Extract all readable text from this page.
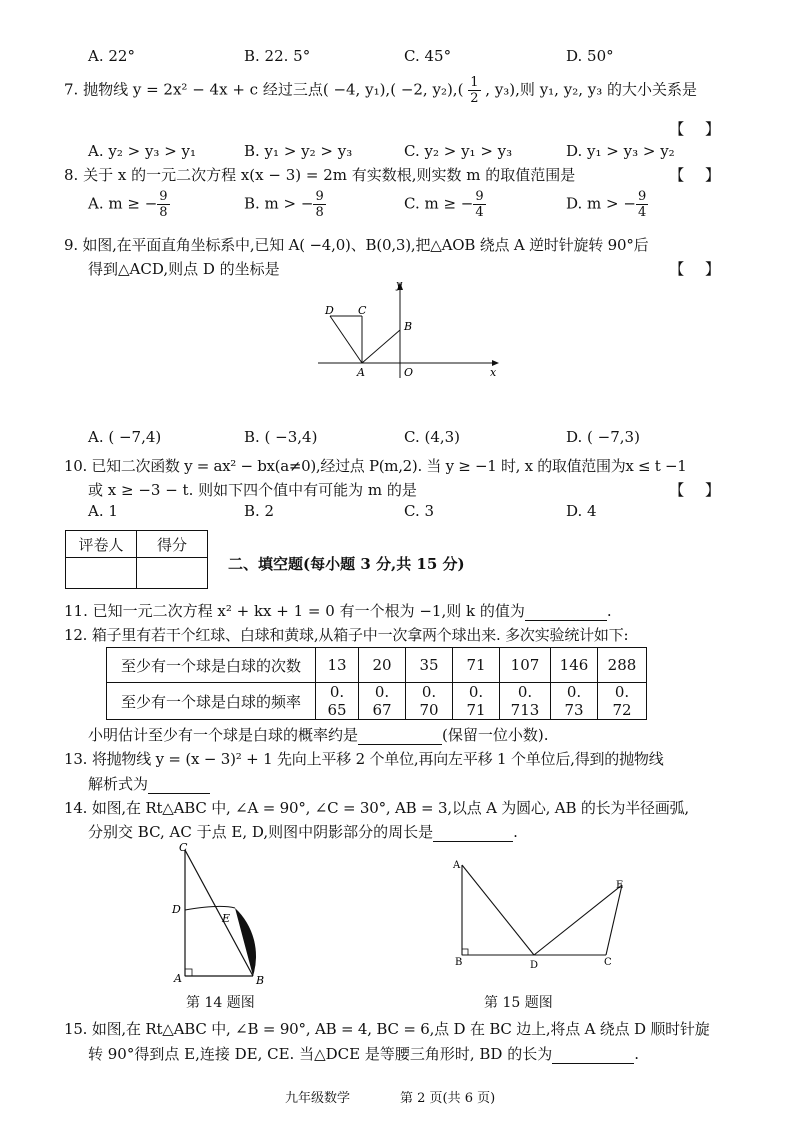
A. 22°	B. 22. 5°	C. 45°	D. 50°
7. 抛物线 y = 2x² − 4x + c 经过三点( −4, y₁),( −2, $y_2),( \frac{1}{2}$ , y₃),则 y₁, y₂, y₃ 的大小关系是
【 】
A. y₂ > y₃ > y₁	B. y₁ > y₂ > y₃	C. y₂ > y₁ > y₃	D. y₁ > y₃ > y₂
8. 关于 x 的一元二次方程 x(x − 3) = 2m 有实数根,则实数 m 的取值范围是	【 】
A. m ≥ − $\frac{9}{8}$	B. m > − $\frac{9}{8}$	C. m ≥ − $\frac{9}{4}$	D. m > − $\frac{9}{4}$
9. 如图,在平面直角坐标系中,已知 A( −4,0)、B(0,3),把△AOB 绕点 A 逆时针旋转 90°后
得到△ACD,则点 D 的坐标是	【 】
D C
B
A	O	x
y
A. ( −7,4)	B. ( −3,4)	C. (4,3)	D. ( −7,3)
10. 已知二次函数 y = ax² − bx(a≠0),经过点 P(m,2). 当 y ≥ −1 时, x 的取值范围为x ≤ t −1
或 x ≥ −3 − t. 则如下四个值中有可能为 m 的是	【 】
A. 1	B. 2	C. 3	D. 4
评卷人	得分

二、填空题(每小题 3 分,共 15 分)
11. 已知一元二次方程 x² + kx + 1 = 0 有一个根为 −1,则 k 的值为	.
12. 箱子里有若干个红球、白球和黄球,从箱子中一次拿两个球出来. 多次实验统计如下:
至少有一个球是白球的次数	13	20	35	71	107	146	288
至少有一个球是白球的频率	0. 65	0. 67	0. 70	0. 71	0. 713	0. 73	0. 72
小明估计至少有一个球是白球的概率约是	(保留一位小数).
13. 将抛物线 y = (x − 3)² + 1 先向上平移 2 个单位,再向左平移 1 个单位后,得到的抛物线
解析式为
14. 如图,在 Rt△ABC 中, ∠A = 90°, ∠C = 30°, AB = 3,以点 A 为圆心, AB 的长为半径画弧,
分别交 BC, AC 于点 E, D,则图中阴影部分的周长是	.
C
D
E
A	B
第 14 题图
A
E
B	D	C
第 15 题图
15. 如图,在 Rt△ABC 中, ∠B = 90°, AB = 4, BC = 6,点 D 在 BC 边上,将点 A 绕点 D 顺时针旋
转 90°得到点 E,连接 DE, CE. 当△DCE 是等腰三角形时, BD 的长为	.
九年级数学	第 2 页(共 6 页)
